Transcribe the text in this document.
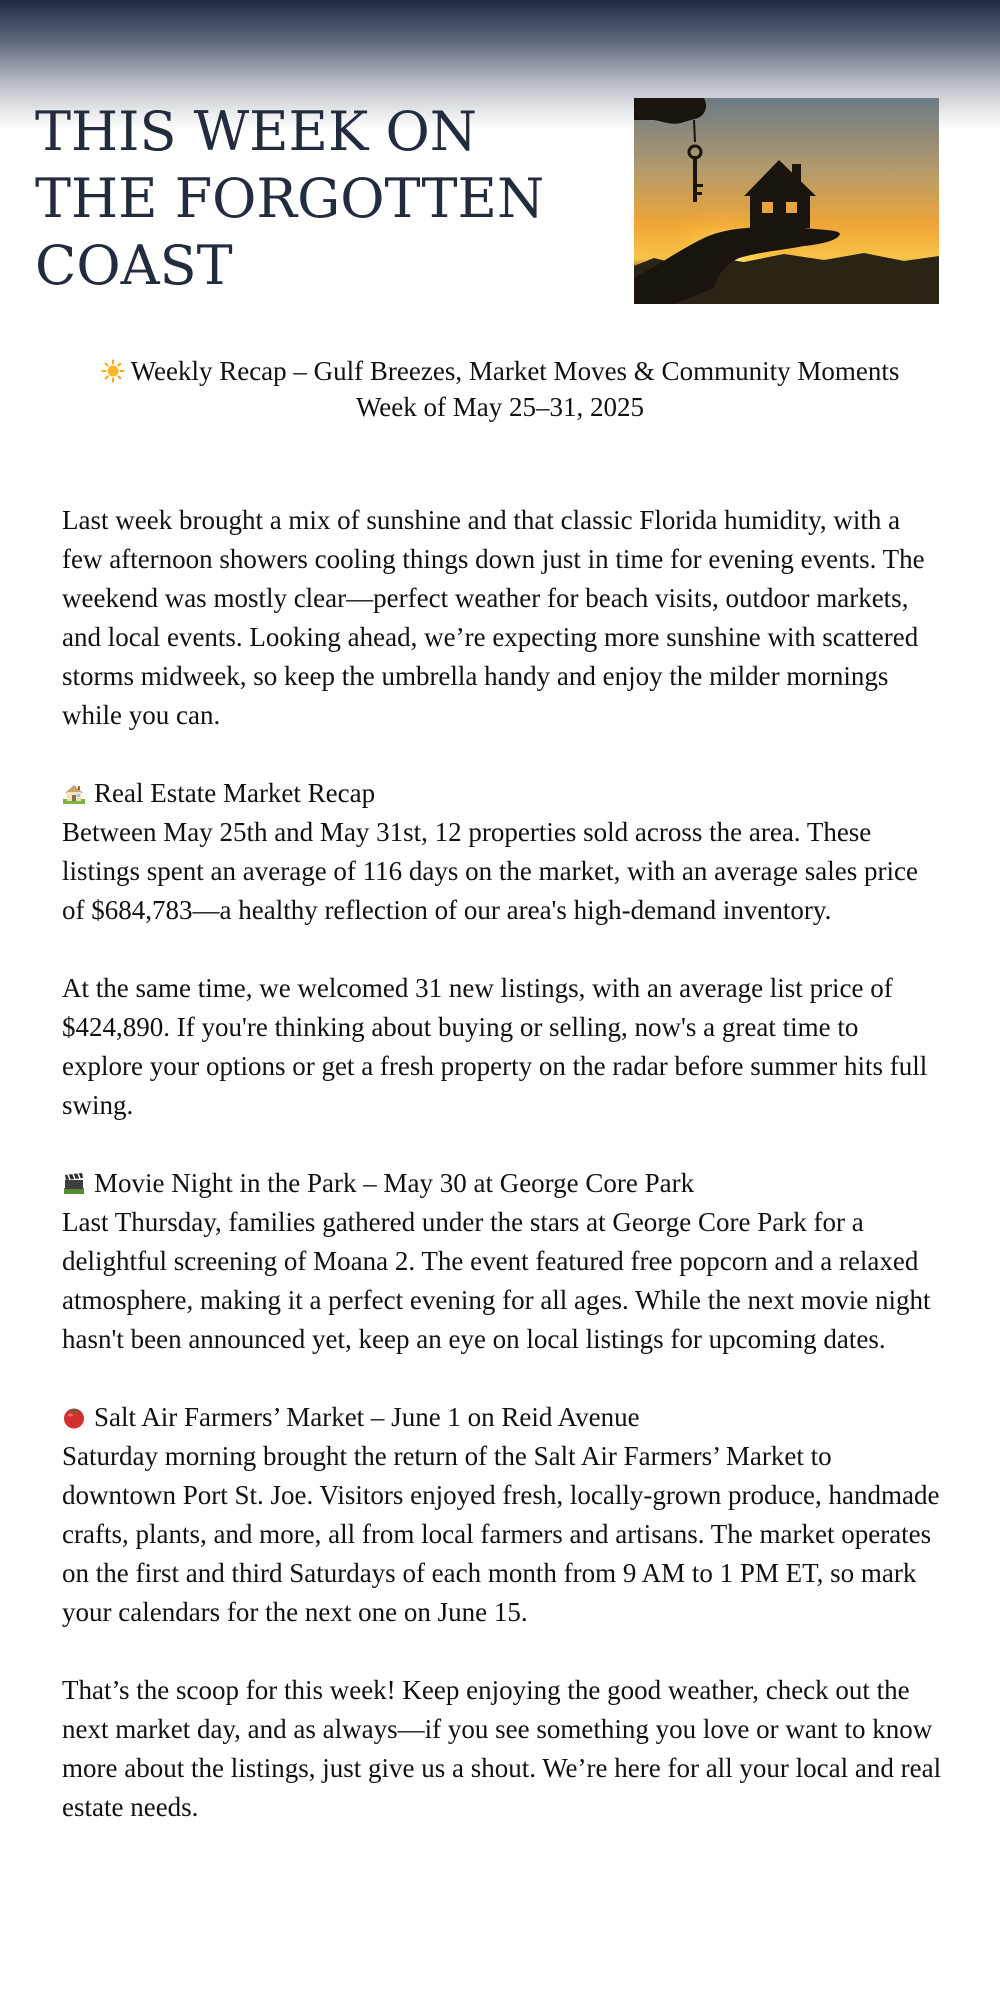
THIS WEEK ON
THE FORGOTTEN
COAST
Weekly Recap – Gulf Breezes, Market Moves & Community Moments
Week of May 25–31, 2025

Last week brought a mix of sunshine and that classic Florida humidity, with a few afternoon showers cooling things down just in time for evening events. The weekend was mostly clear—perfect weather for beach visits, outdoor markets, and local events. Looking ahead, we’re expecting more sunshine with scattered storms midweek, so keep the umbrella handy and enjoy the milder mornings while you can.

Real Estate Market Recap
Between May 25th and May 31st, 12 properties sold across the area. These listings spent an average of 116 days on the market, with an average sales price of $684,783—a healthy reflection of our area's high-demand inventory.

At the same time, we welcomed 31 new listings, with an average list price of $424,890. If you're thinking about buying or selling, now's a great time to explore your options or get a fresh property on the radar before summer hits full swing.

Movie Night in the Park – May 30 at George Core Park
Last Thursday, families gathered under the stars at George Core Park for a delightful screening of Moana 2. The event featured free popcorn and a relaxed atmosphere, making it a perfect evening for all ages. While the next movie night hasn't been announced yet, keep an eye on local listings for upcoming dates.

Salt Air Farmers’ Market – June 1 on Reid Avenue
Saturday morning brought the return of the Salt Air Farmers’ Market to downtown Port St. Joe. Visitors enjoyed fresh, locally-grown produce, handmade crafts, plants, and more, all from local farmers and artisans. The market operates on the first and third Saturdays of each month from 9 AM to 1 PM ET, so mark your calendars for the next one on June 15.

That’s the scoop for this week! Keep enjoying the good weather, check out the next market day, and as always—if you see something you love or want to know more about the listings, just give us a shout. We’re here for all your local and real estate needs.
